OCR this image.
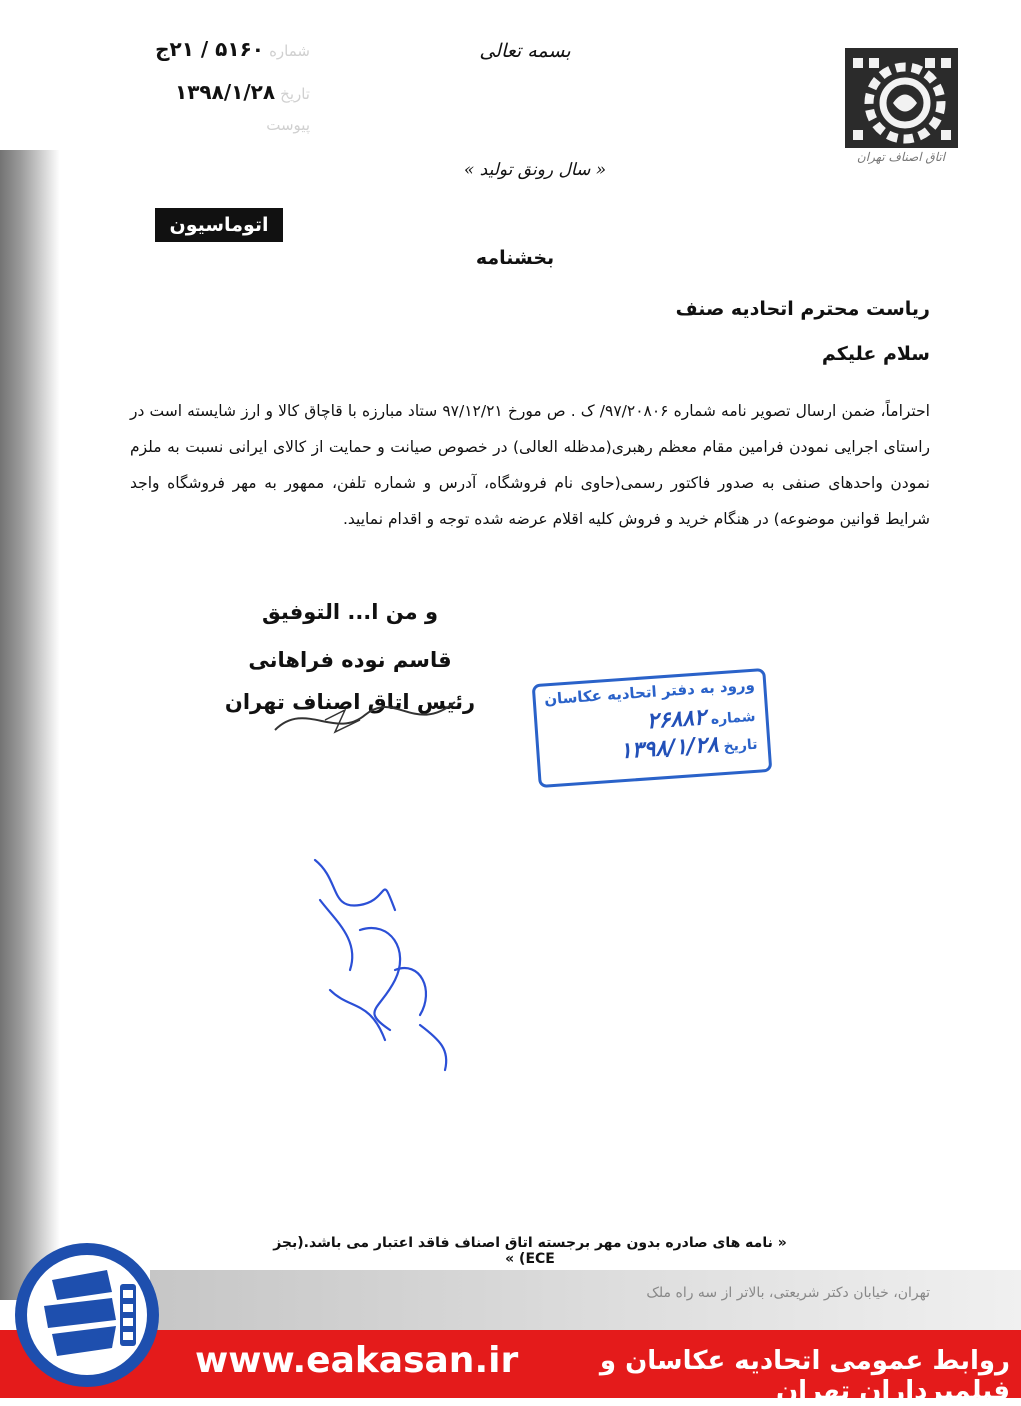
شماره ۵۱۶۰ / ۲۱ج
تاریخ ۱۳۹۸/۱/۲۸
پیوست
بسمه تعالی
« سال رونق تولید »
اتاق اصناف تهران
اتوماسیون اداری	بخشنامه
ریاست محترم اتحادیه صنف
سلام علیکم
احتراماً، ضمن ارسال تصویر نامه شماره ۹۷/۲۰۸۰۶/ ک . ص مورخ ۹۷/۱۲/۲۱ ستاد مبارزه با قاچاق کالا و ارز شایسته است در راستای اجرایی نمودن فرامین مقام معظم رهبری(مدظله العالی) در خصوص صیانت و حمایت از کالای ایرانی نسبت به ملزم نمودن واحدهای صنفی به صدور فاکتور رسمی(حاوی نام فروشگاه، آدرس و شماره تلفن، ممهور به مهر فروشگاه واجد شرایط قوانین موضوعه) در هنگام خرید و فروش کلیه اقلام عرضه شده توجه و اقدام نمایید.
و من ا... التوفیق
قاسم نوده فراهانی
رئیس اتاق اصناف تهران	ورود به دفتر اتحادیه عکاسان
شماره ۲۶۸۸۲
تاریخ ۱۳۹۸/۱/۲۸
« نامه های صادره بدون مهر برجسته اتاق اصناف فاقد اعتبار می باشد.(بجز ECE) »
تهران، خیابان دکتر شریعتی، بالاتر از سه راه ملک
www.eakasan.ir	روابط عمومی اتحادیه عکاسان و فیلمبرداران تهران
